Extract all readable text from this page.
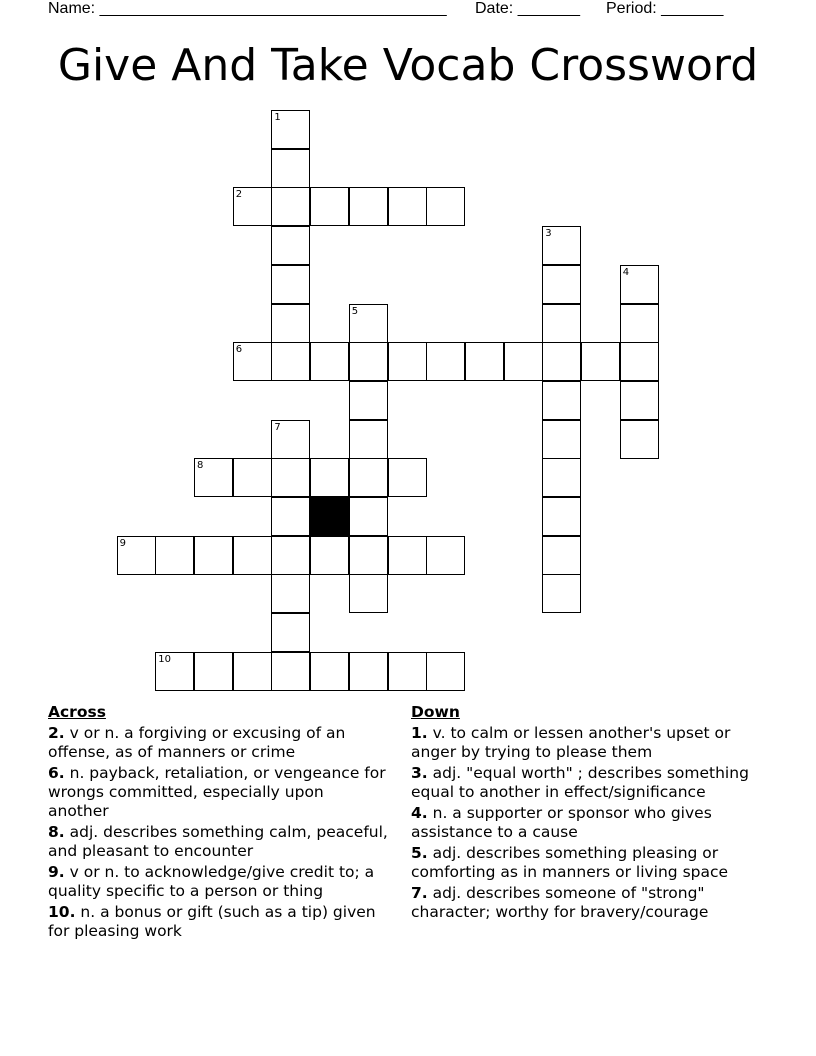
Name: _______________________________________

Date: _______

Period: _______

Give And Take Vocab Crossword
1
2
3
4
5
6
7
8
9
10
Across
2. v or n. a forgiving or excusing of an offense, as of manners or crime
6. n. payback, retaliation, or vengeance for wrongs committed, especially upon another
8. adj. describes something calm, peaceful, and pleasant to encounter
9. v or n. to acknowledge/give credit to; a quality specific to a person or thing
10. n. a bonus or gift (such as a tip) given for pleasing work
Down
1. v. to calm or lessen another's upset or anger by trying to please them
3. adj. "equal worth" ; describes something equal to another in effect/significance
4. n. a supporter or sponsor who gives assistance to a cause
5. adj. describes something pleasing or comforting as in manners or living space
7. adj. describes someone of "strong" character; worthy for bravery/courage
